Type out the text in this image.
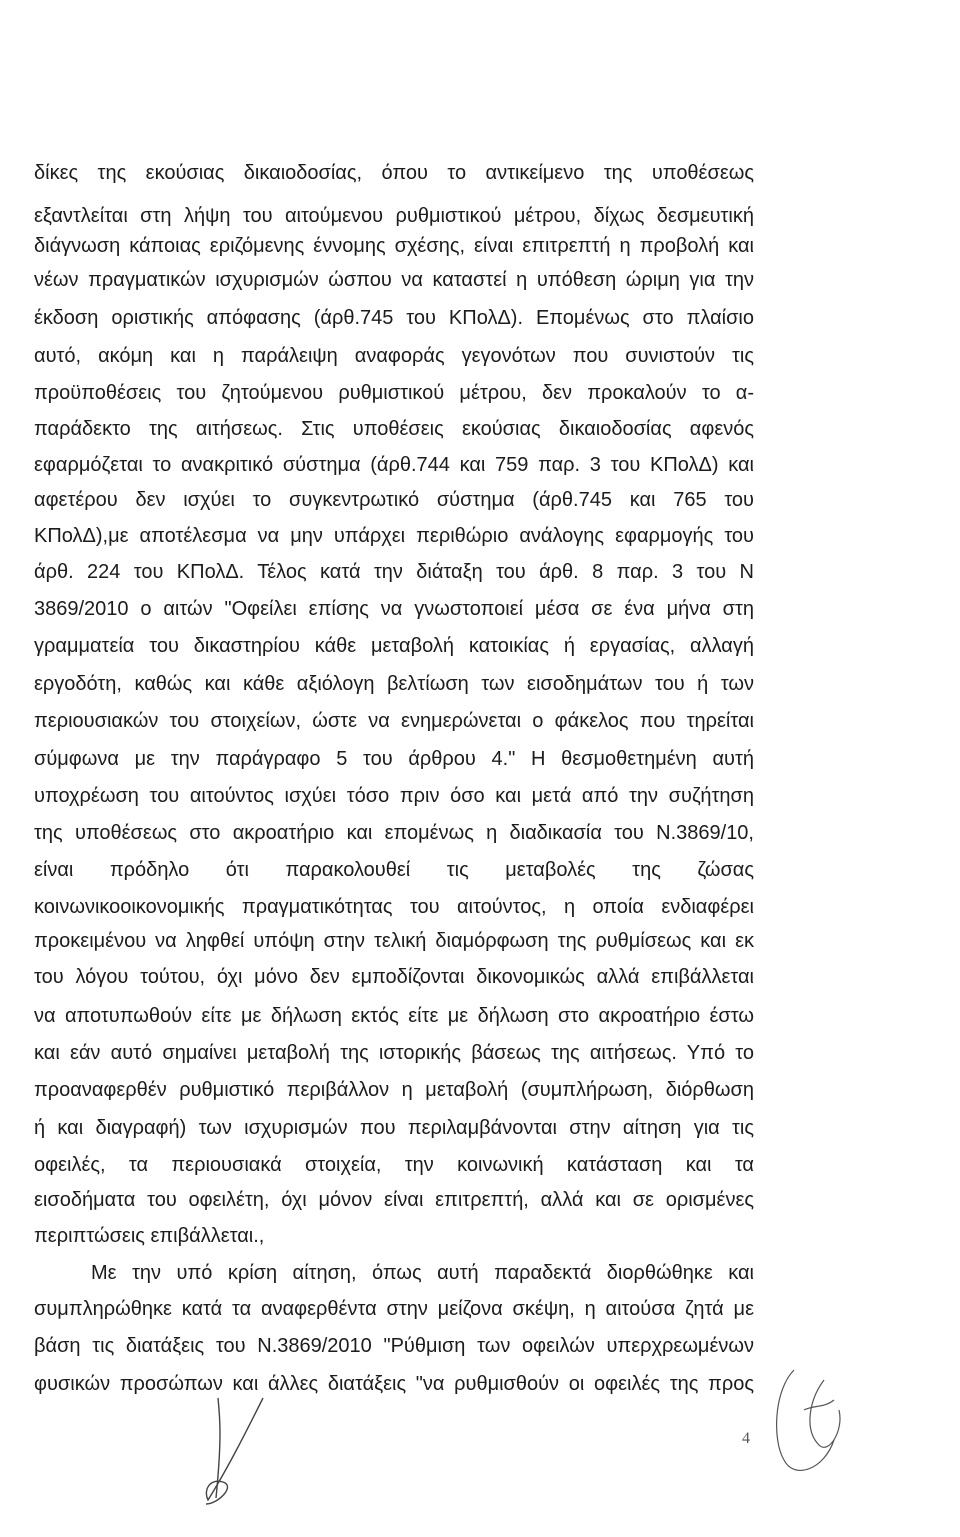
δίκες της εκούσιας δικαιοδοσίας, όπου το αντικείμενο της υποθέσεως
εξαντλείται στη λήψη του αιτούμενου ρυθμιστικού μέτρου, δίχως δεσμευτική
διάγνωση κάποιας εριζόμενης έννομης σχέσης, είναι επιτρεπτή η προβολή και
νέων πραγματικών ισχυρισμών ώσπου να καταστεί η υπόθεση ώριμη για την
έκδοση οριστικής απόφασης (άρθ.745 του ΚΠολΔ). Επομένως στο πλαίσιο
αυτό, ακόμη και η παράλειψη αναφοράς γεγονότων που συνιστούν τις
προϋποθέσεις του ζητούμενου ρυθμιστικού μέτρου, δεν προκαλούν το α-
παράδεκτο της αιτήσεως. Στις υποθέσεις εκούσιας δικαιοδοσίας αφενός
εφαρμόζεται το ανακριτικό σύστημα (άρθ.744 και 759 παρ. 3 του ΚΠολΔ) και
αφετέρου δεν ισχύει το συγκεντρωτικό σύστημα (άρθ.745 και 765 του
ΚΠολΔ),με αποτέλεσμα να μην υπάρχει περιθώριο ανάλογης εφαρμογής του
άρθ. 224 του ΚΠολΔ. Τέλος κατά την διάταξη του άρθ. 8 παρ. 3 του Ν
3869/2010 ο αιτών "Οφείλει επίσης να γνωστοποιεί μέσα σε ένα μήνα στη
γραμματεία του δικαστηρίου κάθε μεταβολή κατοικίας ή εργασίας, αλλαγή
εργοδότη, καθώς και κάθε αξιόλογη βελτίωση των εισοδημάτων του ή των
περιουσιακών του στοιχείων, ώστε να ενημερώνεται ο φάκελος που τηρείται
σύμφωνα με την παράγραφο 5 του άρθρου 4." Η θεσμοθετημένη αυτή
υποχρέωση του αιτούντος ισχύει τόσο πριν όσο και μετά από την συζήτηση
της υποθέσεως στο ακροατήριο και επομένως η διαδικασία του Ν.3869/10,
είναι πρόδηλο ότι παρακολουθεί τις μεταβολές της ζώσας
κοινωνικοοικονομικής πραγματικότητας του αιτούντος, η οποία ενδιαφέρει
προκειμένου να ληφθεί υπόψη στην τελική διαμόρφωση της ρυθμίσεως και εκ
του λόγου τούτου, όχι μόνο δεν εμποδίζονται δικονομικώς αλλά επιβάλλεται
να αποτυπωθούν είτε με δήλωση εκτός είτε με δήλωση στο ακροατήριο έστω
και εάν αυτό σημαίνει μεταβολή της ιστορικής βάσεως της αιτήσεως. Υπό το
προαναφερθέν ρυθμιστικό περιβάλλον η μεταβολή (συμπλήρωση, διόρθωση
ή και διαγραφή) των ισχυρισμών που περιλαμβάνονται στην αίτηση για τις
οφειλές, τα περιουσιακά στοιχεία, την κοινωνική κατάσταση και τα
εισοδήματα του οφειλέτη, όχι μόνον είναι επιτρεπτή, αλλά και σε ορισμένες
περιπτώσεις επιβάλλεται.,
Με την υπό κρίση αίτηση, όπως αυτή παραδεκτά διορθώθηκε και
συμπληρώθηκε κατά τα αναφερθέντα στην μείζονα σκέψη, η αιτούσα ζητά με
βάση τις διατάξεις του Ν.3869/2010 "Ρύθμιση των οφειλών υπερχρεωμένων
φυσικών προσώπων και άλλες διατάξεις "να ρυθμισθούν οι οφειλές της προς
4
